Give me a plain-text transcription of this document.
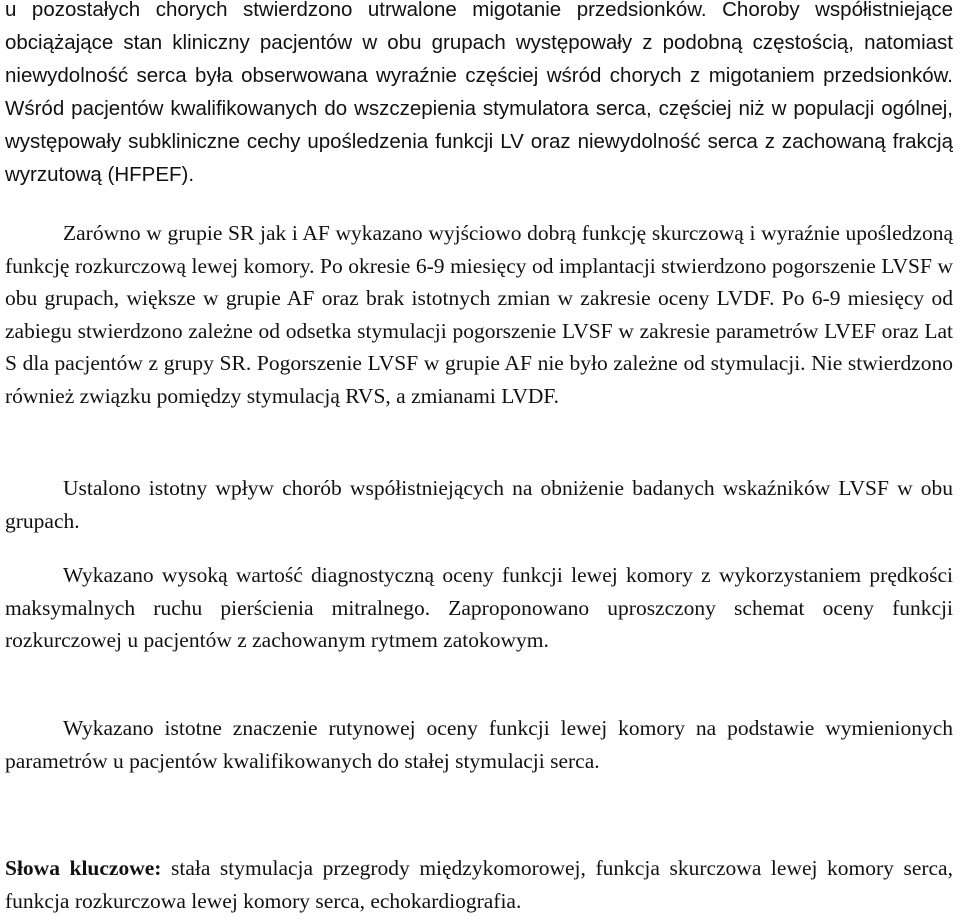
u pozostałych chorych stwierdzono utrwalone migotanie przedsionków. Choroby współistniejące obciążające stan kliniczny pacjentów w obu grupach występowały z podobną częstością, natomiast niewydolność serca była obserwowana wyraźnie częściej wśród chorych z migotaniem przedsionków. Wśród pacjentów kwalifikowanych do wszczepienia stymulatora serca, częściej niż w populacji ogólnej, występowały subkliniczne cechy upośledzenia funkcji LV oraz niewydolność serca z zachowaną frakcją wyrzutową (HFPEF).

Zarówno w grupie SR jak i AF wykazano wyjściowo dobrą funkcję skurczową i wyraźnie upośledzoną funkcję rozkurczową lewej komory. Po okresie 6-9 miesięcy od implantacji stwierdzono pogorszenie LVSF w obu grupach, większe w grupie AF oraz brak istotnych zmian w zakresie oceny LVDF. Po 6-9 miesięcy od zabiegu stwierdzono zależne od odsetka stymulacji pogorszenie LVSF w zakresie parametrów LVEF oraz Lat S dla pacjentów z grupy SR. Pogorszenie LVSF w grupie AF nie było zależne od stymulacji. Nie stwierdzono również związku pomiędzy stymulacją RVS, a zmianami LVDF.

Ustalono istotny wpływ chorób współistniejących na obniżenie badanych wskaźników LVSF w obu grupach.

Wykazano wysoką wartość diagnostyczną oceny funkcji lewej komory z wykorzystaniem prędkości maksymalnych ruchu pierścienia mitralnego. Zaproponowano uproszczony schemat oceny funkcji rozkurczowej u pacjentów z zachowanym rytmem zatokowym.

Wykazano istotne znaczenie rutynowej oceny funkcji lewej komory na podstawie wymienionych parametrów u pacjentów kwalifikowanych do stałej stymulacji serca.

Słowa kluczowe: stała stymulacja przegrody międzykomorowej, funkcja skurczowa lewej komory serca, funkcja rozkurczowa lewej komory serca, echokardiografia.
